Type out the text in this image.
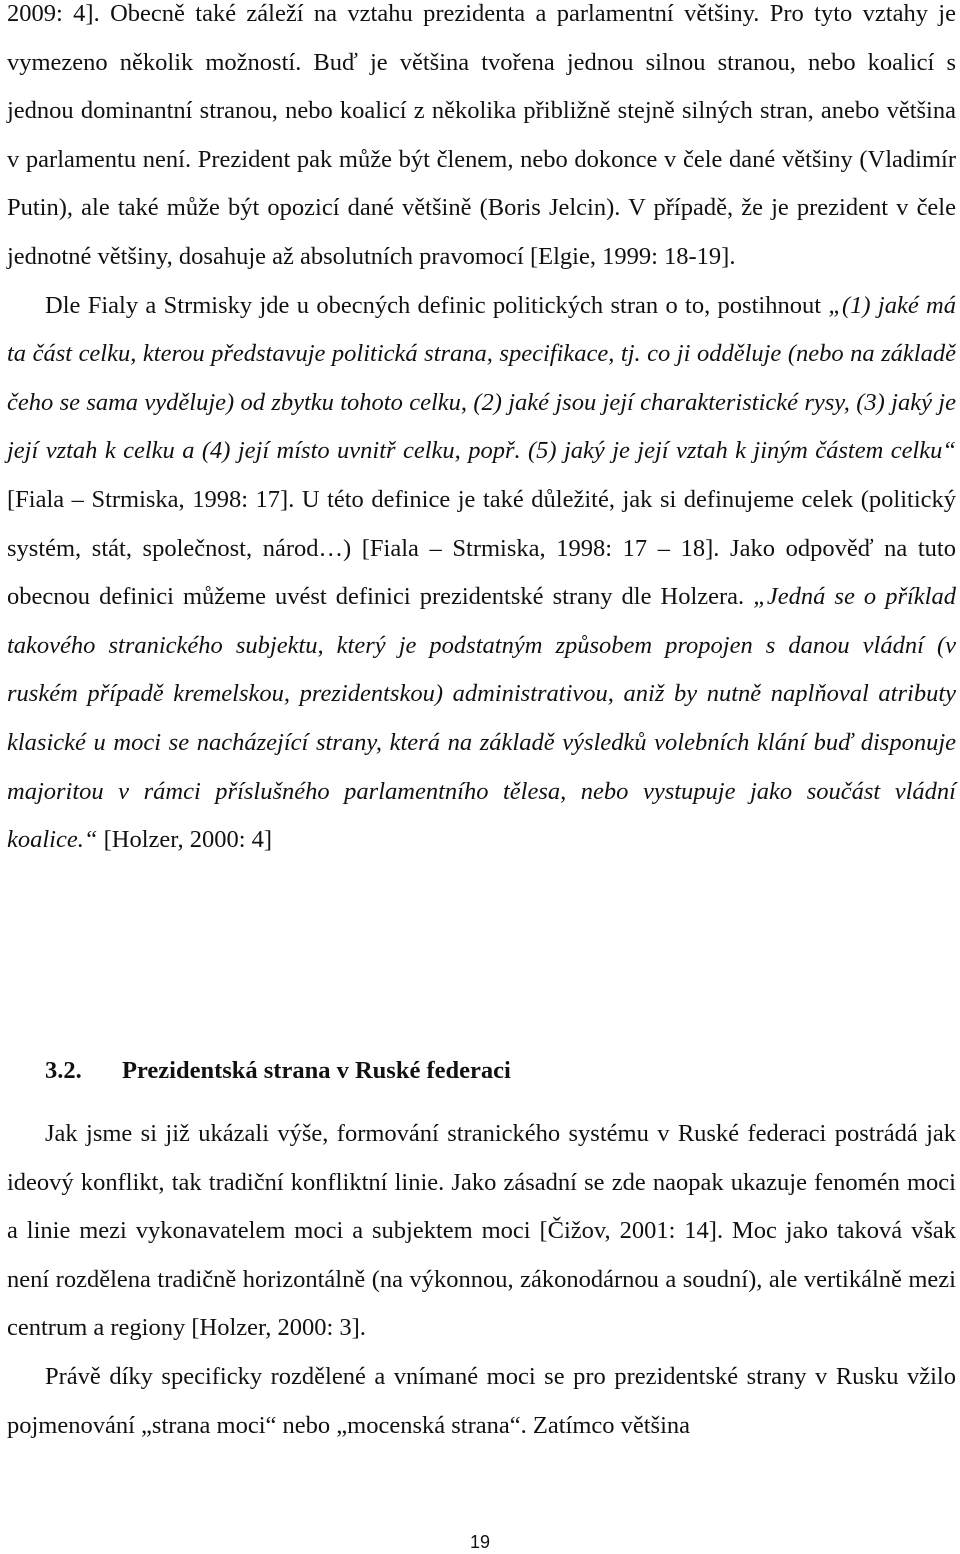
2009: 4]. Obecně také záleží na vztahu prezidenta a parlamentní většiny. Pro tyto vztahy je vymezeno několik možností. Buď je většina tvořena jednou silnou stranou, nebo koalicí s jednou dominantní stranou, nebo koalicí z několika přibližně stejně silných stran, anebo většina v parlamentu není. Prezident pak může být členem, nebo dokonce v čele dané většiny (Vladimír Putin), ale také může být opozicí dané většině (Boris Jelcin). V případě, že je prezident v čele jednotné většiny, dosahuje až absolutních pravomocí [Elgie, 1999: 18-19].

Dle Fialy a Strmisky jde u obecných definic politických stran o to, postihnout „(1) jaké má ta část celku, kterou představuje politická strana, specifikace, tj. co ji odděluje (nebo na základě čeho se sama vyděluje) od zbytku tohoto celku, (2) jaké jsou její charakteristické rysy, (3) jaký je její vztah k celku a (4) její místo uvnitř celku, popř. (5) jaký je její vztah k jiným částem celku“ [Fiala – Strmiska, 1998: 17]. U této definice je také důležité, jak si definujeme celek (politický systém, stát, společnost, národ…) [Fiala – Strmiska, 1998: 17 – 18]. Jako odpověď na tuto obecnou definici můžeme uvést definici prezidentské strany dle Holzera. „Jedná se o příklad takového stranického subjektu, který je podstatným způsobem propojen s danou vládní (v ruském případě kremelskou, prezidentskou) administrativou, aniž by nutně naplňoval atributy klasické u moci se nacházející strany, která na základě výsledků volebních klání buď disponuje majoritou v rámci příslušného parlamentního tělesa, nebo vystupuje jako součást vládní koalice.“ [Holzer, 2000: 4]

3.2. Prezidentská strana v Ruské federaci

Jak jsme si již ukázali výše, formování stranického systému v Ruské federaci postrádá jak ideový konflikt, tak tradiční konfliktní linie. Jako zásadní se zde naopak ukazuje fenomén moci a linie mezi vykonavatelem moci a subjektem moci [Čižov, 2001: 14]. Moc jako taková však není rozdělena tradičně horizontálně (na výkonnou, zákonodárnou a soudní), ale vertikálně mezi centrum a regiony [Holzer, 2000: 3].

Právě díky specificky rozdělené a vnímané moci se pro prezidentské strany v Rusku vžilo pojmenování „strana moci“ nebo „mocenská strana“. Zatímco většina

19
